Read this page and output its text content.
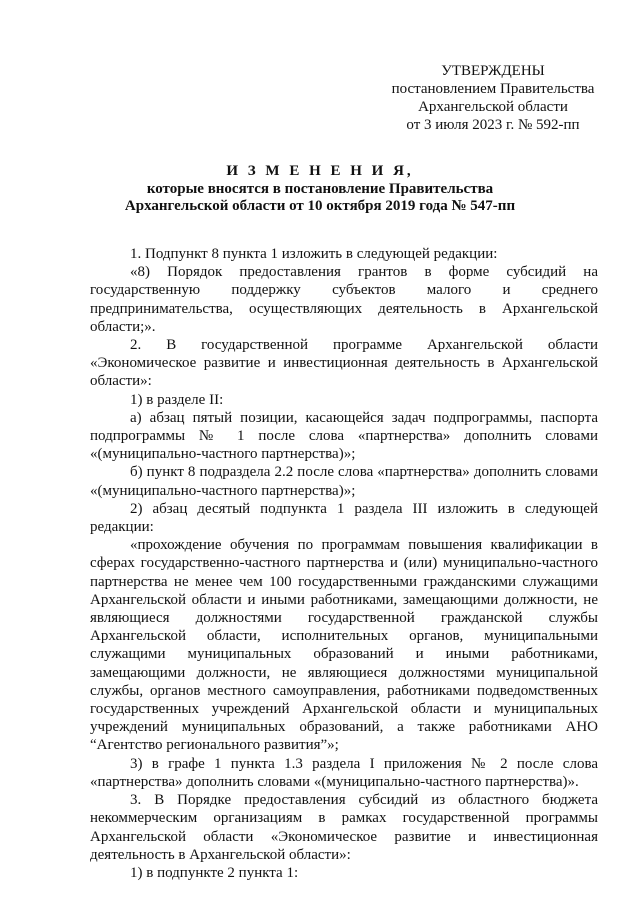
УТВЕРЖДЕНЫ
постановлением Правительства
Архангельской области
от 3 июля 2023 г. № 592-пп
И З М Е Н Е Н И Я,
которые вносятся в постановление Правительства
Архангельской области от 10 октября 2019 года № 547-пп

1. Подпункт 8 пункта 1 изложить в следующей редакции:

«8) Порядок предоставления грантов в форме субсидий на государственную поддержку субъектов малого и среднего предпринимательства, осуществляющих деятельность в Архангельской области;».

2. В государственной программе Архангельской области «Экономическое развитие и инвестиционная деятельность в Архангельской области»:

1) в разделе II:

а) абзац пятый позиции, касающейся задач подпрограммы, паспорта подпрограммы № 1 после слова «партнерства» дополнить словами «(муниципально-частного партнерства)»;

б) пункт 8 подраздела 2.2 после слова «партнерства» дополнить словами «(муниципально-частного партнерства)»;

2) абзац десятый подпункта 1 раздела III изложить в следующей редакции:

«прохождение обучения по программам повышения квалификации в сферах государственно-частного партнерства и (или) муниципально-частного партнерства не менее чем 100 государственными гражданскими служащими Архангельской области и иными работниками, замещающими должности, не являющиеся должностями государственной гражданской службы Архангельской области, исполнительных органов, муниципальными служащими муниципальных образований и иными работниками, замещающими должности, не являющиеся должностями муниципальной службы, органов местного самоуправления, работниками подведомственных государственных учреждений Архангельской области и муниципальных учреждений муниципальных образований, а также работниками АНО “Агентство регионального развития”»;

3) в графе 1 пункта 1.3 раздела I приложения № 2 после слова «партнерства» дополнить словами «(муниципально-частного партнерства)».

3. В Порядке предоставления субсидий из областного бюджета некоммерческим организациям в рамках государственной программы Архангельской области «Экономическое развитие и инвестиционная деятельность в Архангельской области»:

1) в подпункте 2 пункта 1:
